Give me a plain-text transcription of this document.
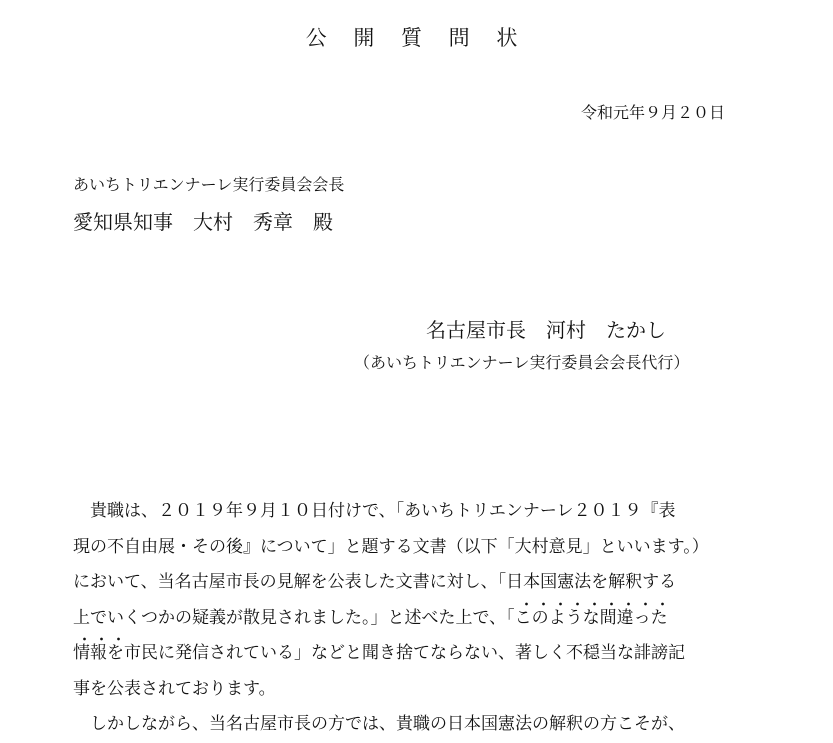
公 開 質 問 状
令和元年９月２０日
あいちトリエンナーレ実行委員会会長
愛知県知事　大村　秀章　殿
名古屋市長　河村　たかし
（あいちトリエンナーレ実行委員会会長代行）
　貴職は、２０１９年９月１０日付けで、「あいちトリエンナーレ２０１９『表
現の不自由展・その後』について」と題する文書（以下「大村意見」といいます。）
において、当名古屋市長の見解を公表した文書に対し、「日本国憲法を解釈する
上でいくつかの疑義が散見されました。」と述べた上で、「このような間違った
情報を市民に発信されている」などと聞き捨てならない、著しく不穏当な誹謗記
事を公表されております。
　しかしながら、当名古屋市長の方では、貴職の日本国憲法の解釈の方こそが、
